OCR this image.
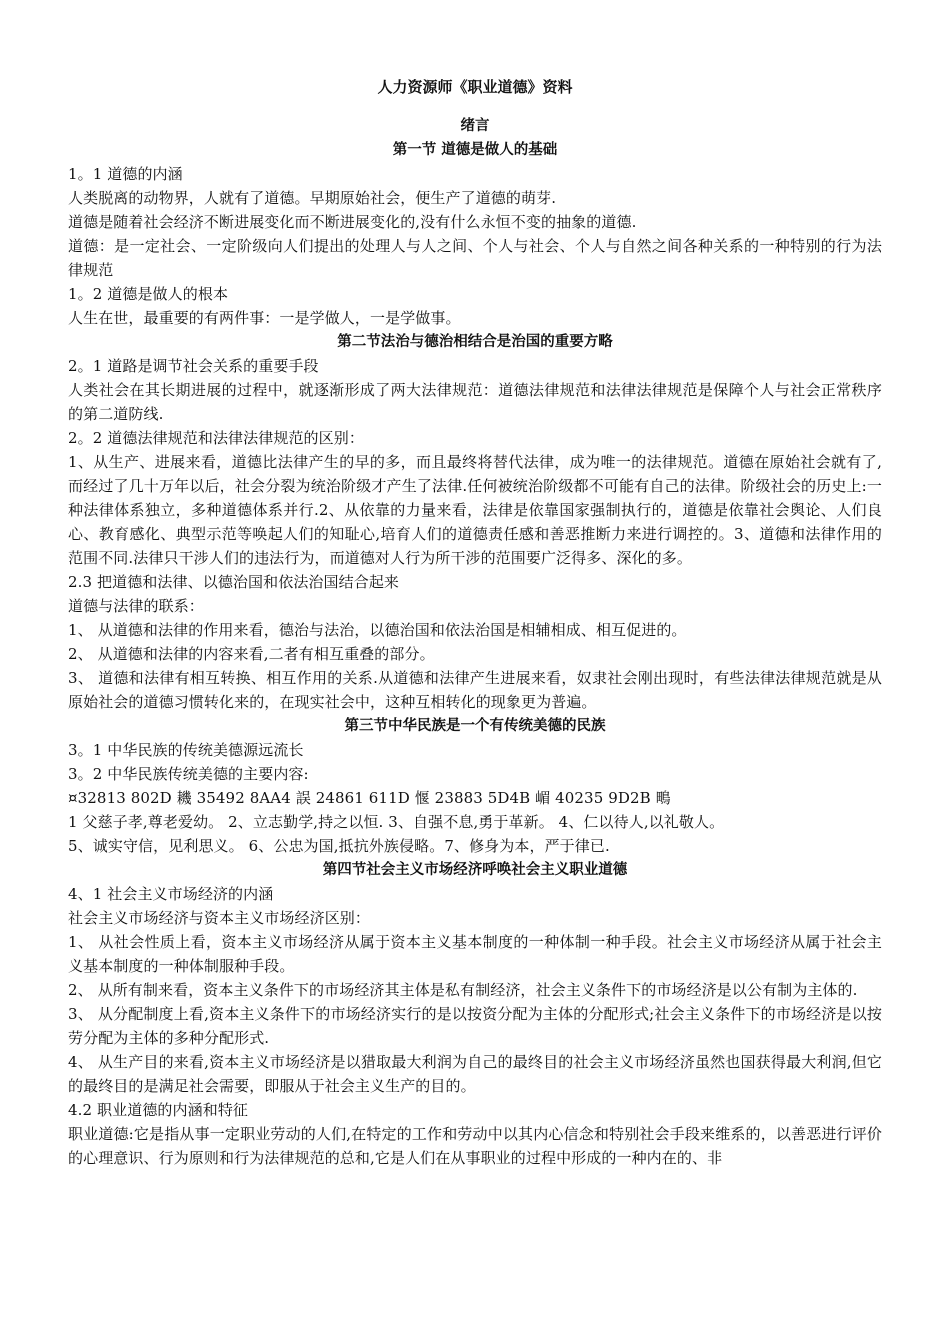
人力资源师《职业道德》资料

绪言

第一节 道德是做人的基础

1。1 道德的内涵

人类脱离的动物界，人就有了道德。早期原始社会，便生产了道德的萌芽.

道德是随着社会经济不断进展变化而不断进展变化的,没有什么永恒不变的抽象的道德.

道德：是一定社会、一定阶级向人们提出的处理人与人之间、个人与社会、个人与自然之间各种关系的一种特别的行为法律规范

1。2 道德是做人的根本

人生在世，最重要的有两件事：一是学做人，一是学做事。

第二节法治与德治相结合是治国的重要方略

2。1 道路是调节社会关系的重要手段

人类社会在其长期进展的过程中，就逐渐形成了两大法律规范：道德法律规范和法律法律规范是保障个人与社会正常秩序的第二道防线.

2。2 道德法律规范和法律法律规范的区别：

1、从生产、进展来看，道德比法律产生的早的多，而且最终将替代法律，成为唯一的法律规范。道德在原始社会就有了,而经过了几十万年以后，社会分裂为统治阶级才产生了法律.任何被统治阶级都不可能有自己的法律。阶级社会的历史上:一种法律体系独立，多种道德体系并行.2、从依靠的力量来看，法律是依靠国家强制执行的，道德是依靠社会舆论、人们良心、教育感化、典型示范等唤起人们的知耻心,培育人们的道德责任感和善恶推断力来进行调控的。3、道德和法律作用的范围不同.法律只干涉人们的违法行为，而道德对人行为所干涉的范围要广泛得多、深化的多。

2.3 把道德和法律、以德治国和依法治国结合起来

道德与法律的联系：

1、 从道德和法律的作用来看，德治与法治，以德治国和依法治国是相辅相成、相互促进的。

2、 从道德和法律的内容来看,二者有相互重叠的部分。

3、 道德和法律有相互转换、相互作用的关系.从道德和法律产生进展来看，奴隶社会刚出现时，有些法律法律规范就是从原始社会的道德习惯转化来的，在现实社会中，这种互相转化的现象更为普遍。

第三节中华民族是一个有传统美德的民族

3。1 中华民族的传统美德源远流长

3。2 中华民族传统美德的主要内容:

¤32813 802D 耭 35492 8AA4 誤 24861 611D 愝 23883 5D4B 嵋 40235 9D2B 鴫

1 父慈子孝,尊老爱幼。 2、立志勤学,持之以恒. 3、自强不息,勇于革新。 4、仁以待人,以礼敬人。

5、诚实守信，见利思义。 6、公忠为国,抵抗外族侵略。7、修身为本，严于律已.

第四节社会主义市场经济呼唤社会主义职业道德

4、1 社会主义市场经济的内涵

社会主义市场经济与资本主义市场经济区别：

1、 从社会性质上看，资本主义市场经济从属于资本主义基本制度的一种体制一种手段。社会主义市场经济从属于社会主义基本制度的一种体制服种手段。

2、 从所有制来看，资本主义条件下的市场经济其主体是私有制经济，社会主义条件下的市场经济是以公有制为主体的.

3、 从分配制度上看,资本主义条件下的市场经济实行的是以按资分配为主体的分配形式;社会主义条件下的市场经济是以按劳分配为主体的多种分配形式.

4、 从生产目的来看,资本主义市场经济是以猎取最大利润为自己的最终目的社会主义市场经济虽然也国获得最大利润,但它的最终目的是满足社会需要，即服从于社会主义生产的目的。

4.2 职业道德的内涵和特征

职业道德:它是指从事一定职业劳动的人们,在特定的工作和劳动中以其内心信念和特别社会手段来维系的，以善恶进行评价的心理意识、行为原则和行为法律规范的总和,它是人们在从事职业的过程中形成的一种内在的、非
